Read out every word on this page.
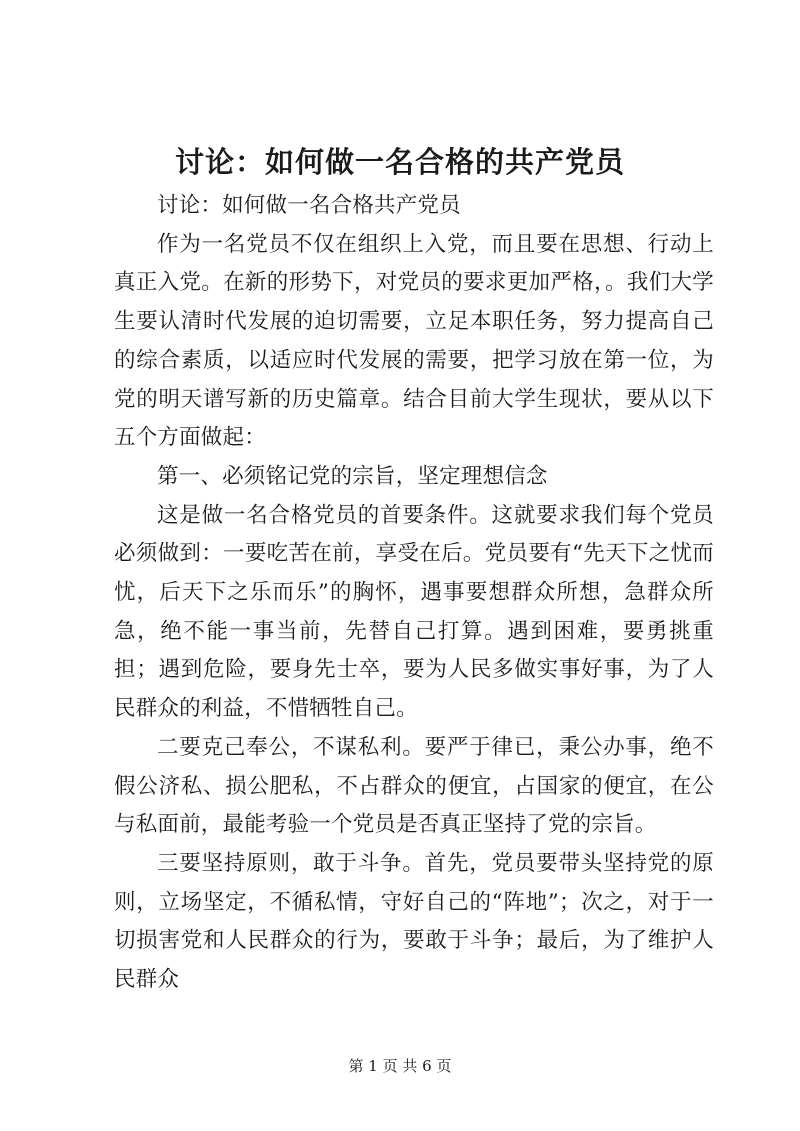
讨论：如何做一名合格的共产党员

讨论：如何做一名合格共产党员

作为一名党员不仅在组织上入党，而且要在思想、行动上真正入党。在新的形势下，对党员的要求更加严格，。我们大学生要认清时代发展的迫切需要，立足本职任务，努力提高自己的综合素质，以适应时代发展的需要，把学习放在第一位，为党的明天谱写新的历史篇章。结合目前大学生现状，要从以下五个方面做起：

第一、必须铭记党的宗旨，坚定理想信念

这是做一名合格党员的首要条件。这就要求我们每个党员必须做到：一要吃苦在前，享受在后。党员要有“先天下之忧而忧，后天下之乐而乐”的胸怀，遇事要想群众所想，急群众所急，绝不能一事当前，先替自己打算。遇到困难，要勇挑重担；遇到危险，要身先士卒，要为人民多做实事好事，为了人民群众的利益，不惜牺牲自己。

二要克己奉公，不谋私利。要严于律已，秉公办事，绝不假公济私、损公肥私，不占群众的便宜，占国家的便宜，在公与私面前，最能考验一个党员是否真正坚持了党的宗旨。

三要坚持原则，敢于斗争。首先，党员要带头坚持党的原则，立场坚定，不循私情，守好自己的“阵地”；次之，对于一切损害党和人民群众的行为，要敢于斗争；最后，为了维护人民群众

第 1 页 共 6 页
